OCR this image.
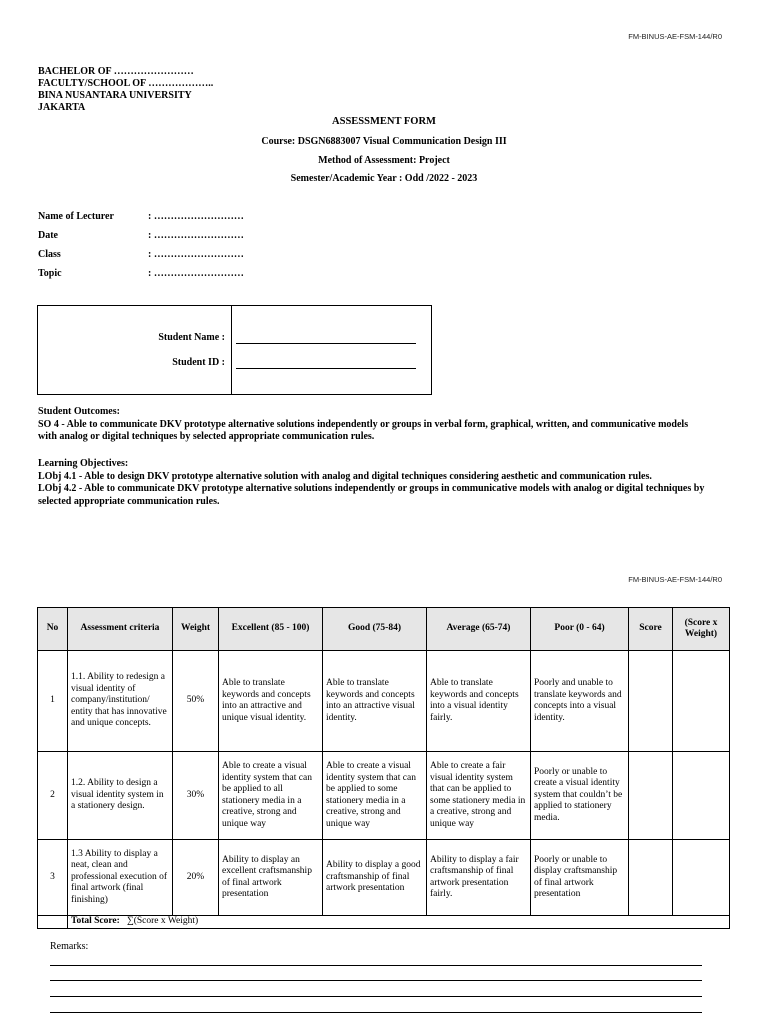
FM-BINUS-AE-FSM-144/R0
BACHELOR OF ……………………
FACULTY/SCHOOL OF ………………..
BINA NUSANTARA UNIVERSITY
JAKARTA
ASSESSMENT FORM
Course: DSGN6883007 Visual Communication Design III
Method of Assessment: Project
Semester/Academic Year : Odd /2022 - 2023
Name of Lecturer	: ………………………
Date	: ………………………
Class	: ………………………
Topic	: ………………………
Student Name :
Student ID :
Student Outcomes:
SO 4 - Able to communicate DKV prototype alternative solutions independently or groups in verbal form, graphical, written, and communicative models with analog or digital techniques by selected appropriate communication rules.
Learning Objectives:
LObj 4.1 - Able to design DKV prototype alternative solution with analog and digital techniques considering aesthetic and communication rules.
LObj 4.2 - Able to communicate DKV prototype alternative solutions independently or groups in communicative models with analog or digital techniques by selected appropriate communication rules.
FM-BINUS-AE-FSM-144/R0
No	Assessment criteria	Weight	Excellent (85 - 100)	Good (75-84)	Average (65-74)	Poor (0 - 64)	Score	(Score x Weight)
1	1.1. Ability to redesign a visual identity of company/institution/ entity that has innovative and unique concepts.	50%	Able to translate keywords and concepts into an attractive and unique visual identity.	Able to translate keywords and concepts into an attractive visual identity.	Able to translate keywords and concepts into a visual identity fairly.	Poorly and unable to translate keywords and concepts into a visual identity.		
2	1.2. Ability to design a visual identity system in a stationery design.	30%	Able to create a visual identity system that can be applied to all stationery media in a creative, strong and unique way	Able to create a visual identity system that can be applied to some stationery media in a creative, strong and unique way	Able to create a fair visual identity system that can be applied to some stationery media in a creative, strong and unique way	Poorly or unable to create a visual identity system that couldn’t be applied to stationery media.		
3	1.3 Ability to display a neat, clean and professional execution of final artwork (final finishing)	20%	Ability to display an excellent craftsmanship of final artwork presentation	Ability to display a good craftsmanship of final artwork presentation	Ability to display a fair craftsmanship of final artwork presentation fairly.	Poorly or unable to display craftsmanship of final artwork presentation		
	Total Score: ∑(Score x Weight)							
Remarks:
